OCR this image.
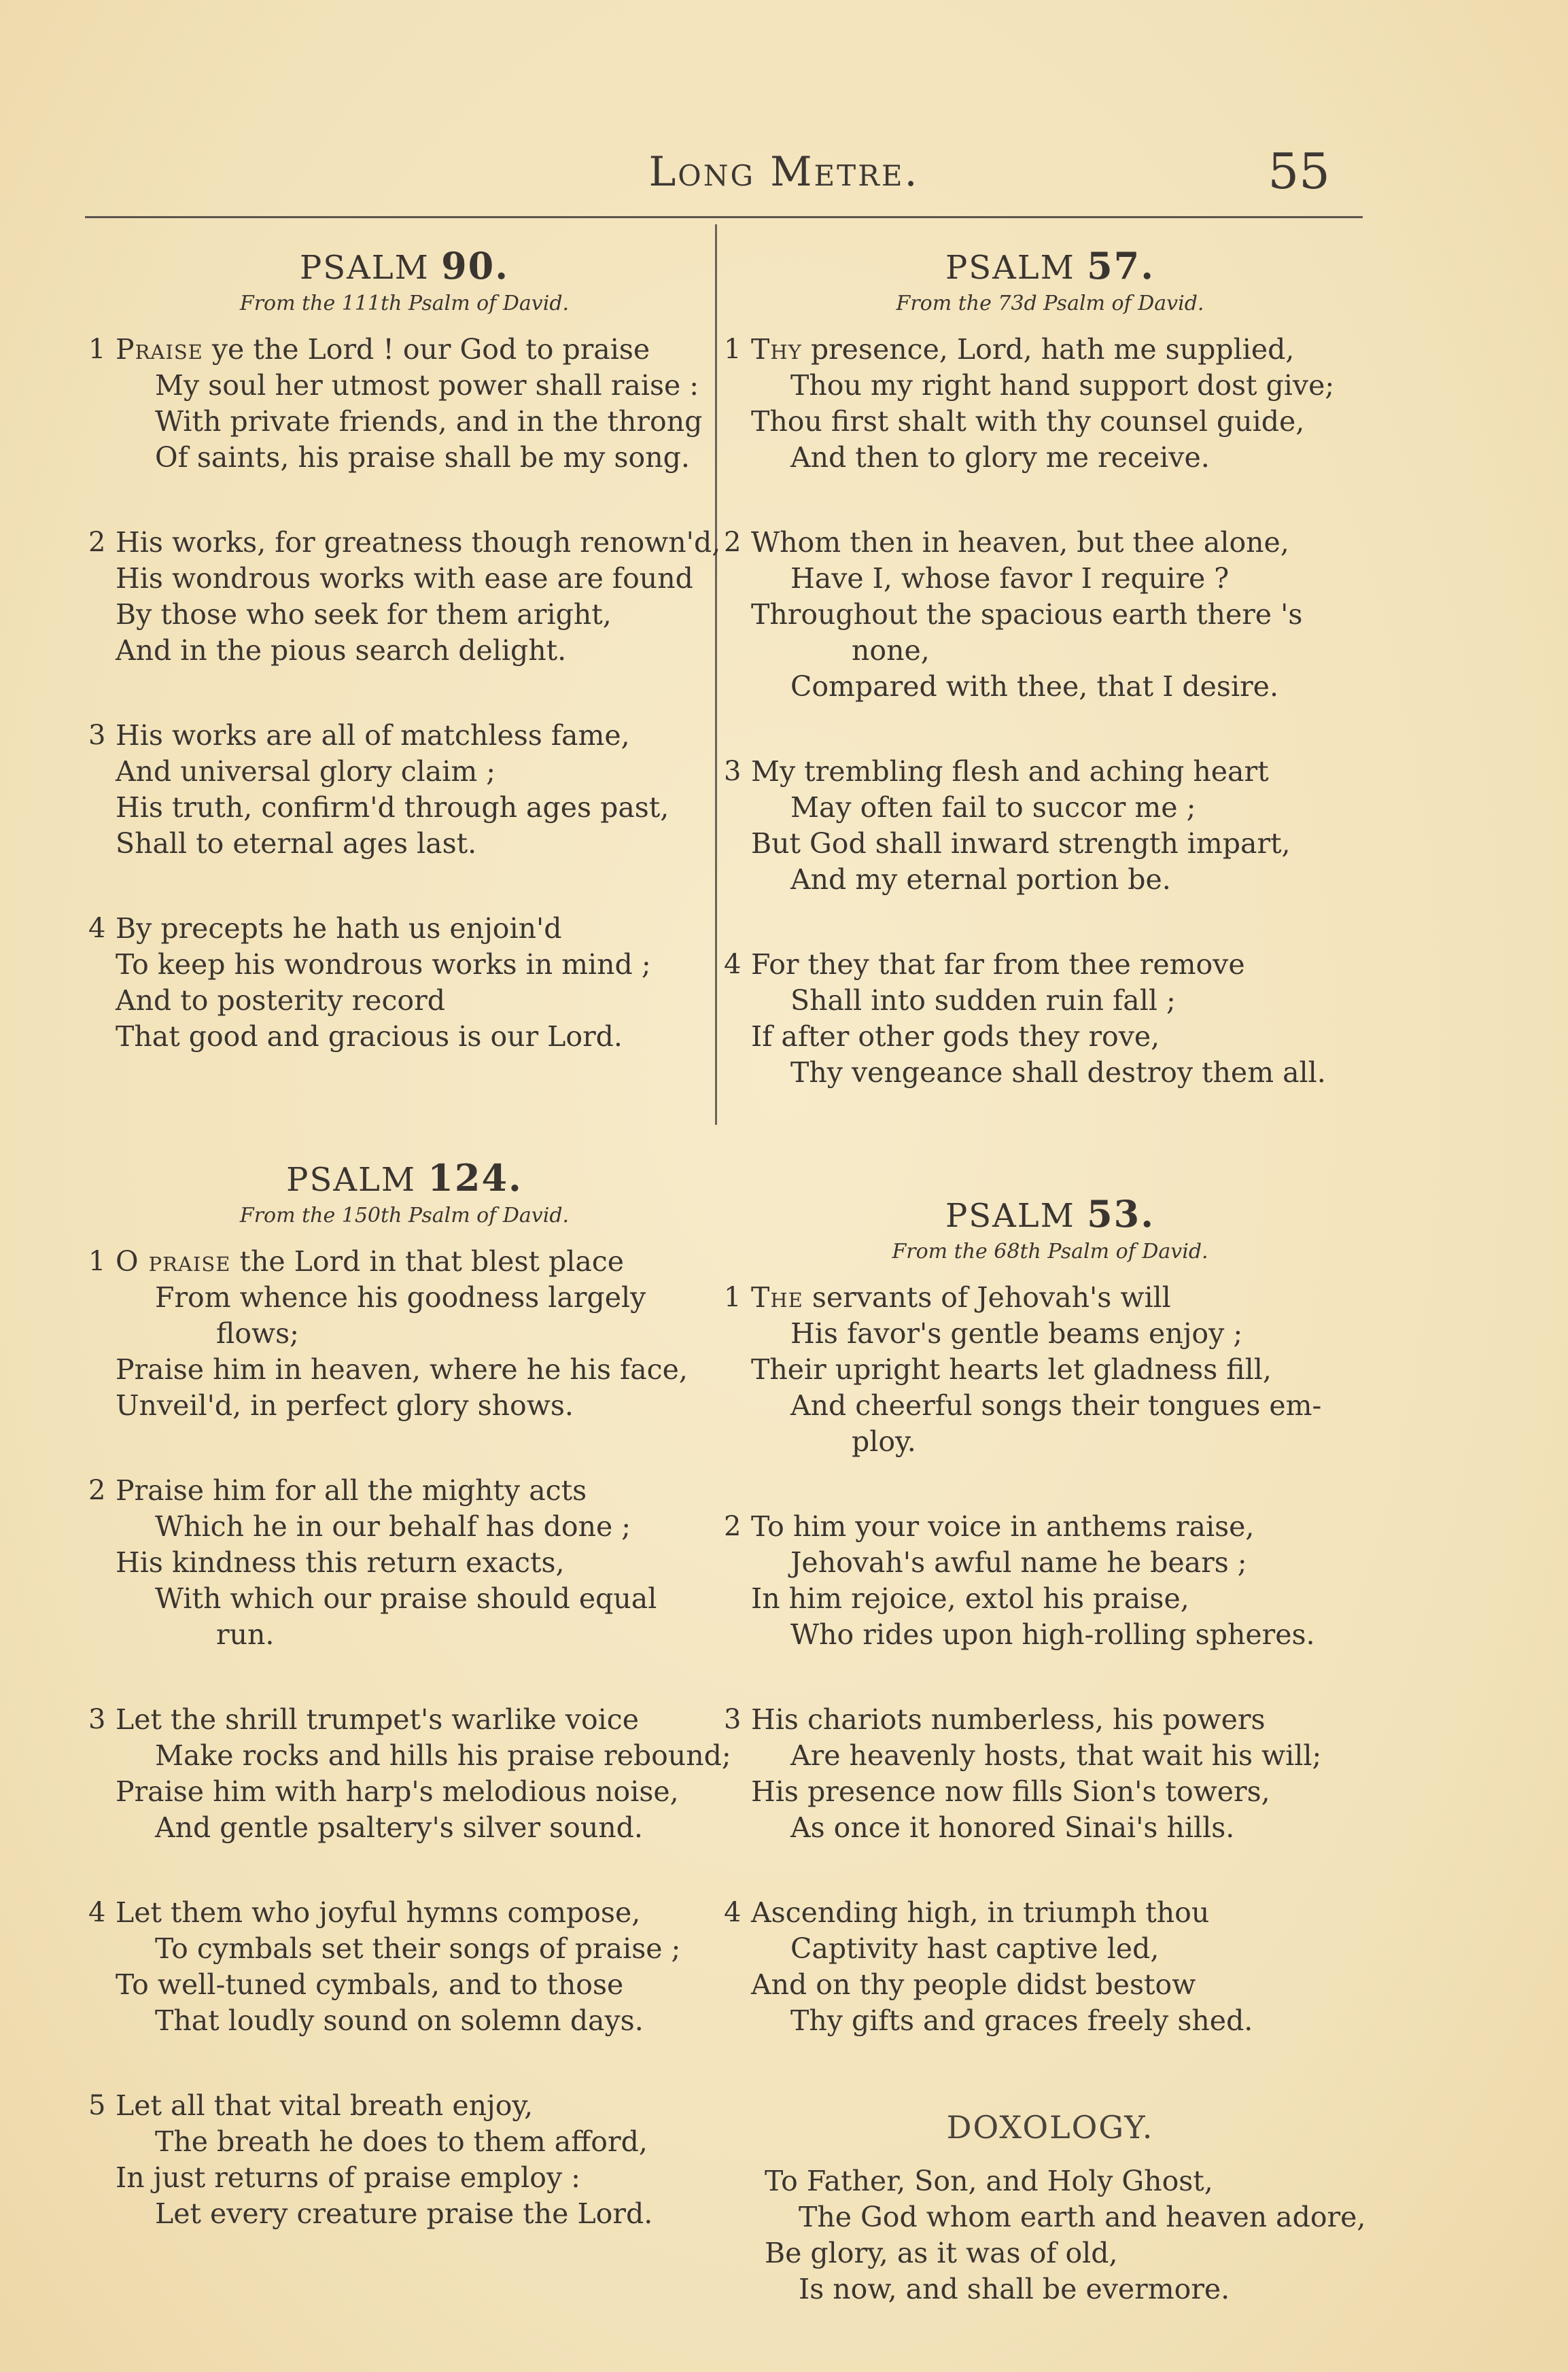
Long Metre.	55
PSALM 90.
From the 111th Psalm of David.
1 Praise ye the Lord ! our God to praise
My soul her utmost power shall raise :
With private friends, and in the throng
Of saints, his praise shall be my song.
2 His works, for greatness though renown'd,
His wondrous works with ease are found
By those who seek for them aright,
And in the pious search delight.
3 His works are all of matchless fame,
And universal glory claim ;
His truth, confirm'd through ages past,
Shall to eternal ages last.
4 By precepts he hath us enjoin'd
To keep his wondrous works in mind ;
And to posterity record
That good and gracious is our Lord.
PSALM 124.
From the 150th Psalm of David.
1 O praise the Lord in that blest place
From whence his goodness largely
flows;
Praise him in heaven, where he his face,
Unveil'd, in perfect glory shows.
2 Praise him for all the mighty acts
Which he in our behalf has done ;
His kindness this return exacts,
With which our praise should equal
run.
3 Let the shrill trumpet's warlike voice
Make rocks and hills his praise rebound;
Praise him with harp's melodious noise,
And gentle psaltery's silver sound.
4 Let them who joyful hymns compose,
To cymbals set their songs of praise ;
To well-tuned cymbals, and to those
That loudly sound on solemn days.
5 Let all that vital breath enjoy,
The breath he does to them afford,
In just returns of praise employ :
Let every creature praise the Lord.
PSALM 57.
From the 73d Psalm of David.
1 Thy presence, Lord, hath me supplied,
Thou my right hand support dost give;
Thou first shalt with thy counsel guide,
And then to glory me receive.
2 Whom then in heaven, but thee alone,
Have I, whose favor I require ?
Throughout the spacious earth there 's
none,
Compared with thee, that I desire.
3 My trembling flesh and aching heart
May often fail to succor me ;
But God shall inward strength impart,
And my eternal portion be.
4 For they that far from thee remove
Shall into sudden ruin fall ;
If after other gods they rove,
Thy vengeance shall destroy them all.
PSALM 53.
From the 68th Psalm of David.
1 The servants of Jehovah's will
His favor's gentle beams enjoy ;
Their upright hearts let gladness fill,
And cheerful songs their tongues em-
ploy.
2 To him your voice in anthems raise,
Jehovah's awful name he bears ;
In him rejoice, extol his praise,
Who rides upon high-rolling spheres.
3 His chariots numberless, his powers
Are heavenly hosts, that wait his will;
His presence now fills Sion's towers,
As once it honored Sinai's hills.
4 Ascending high, in triumph thou
Captivity hast captive led,
And on thy people didst bestow
Thy gifts and graces freely shed.
DOXOLOGY.
To Father, Son, and Holy Ghost,
The God whom earth and heaven adore,
Be glory, as it was of old,
Is now, and shall be evermore.
